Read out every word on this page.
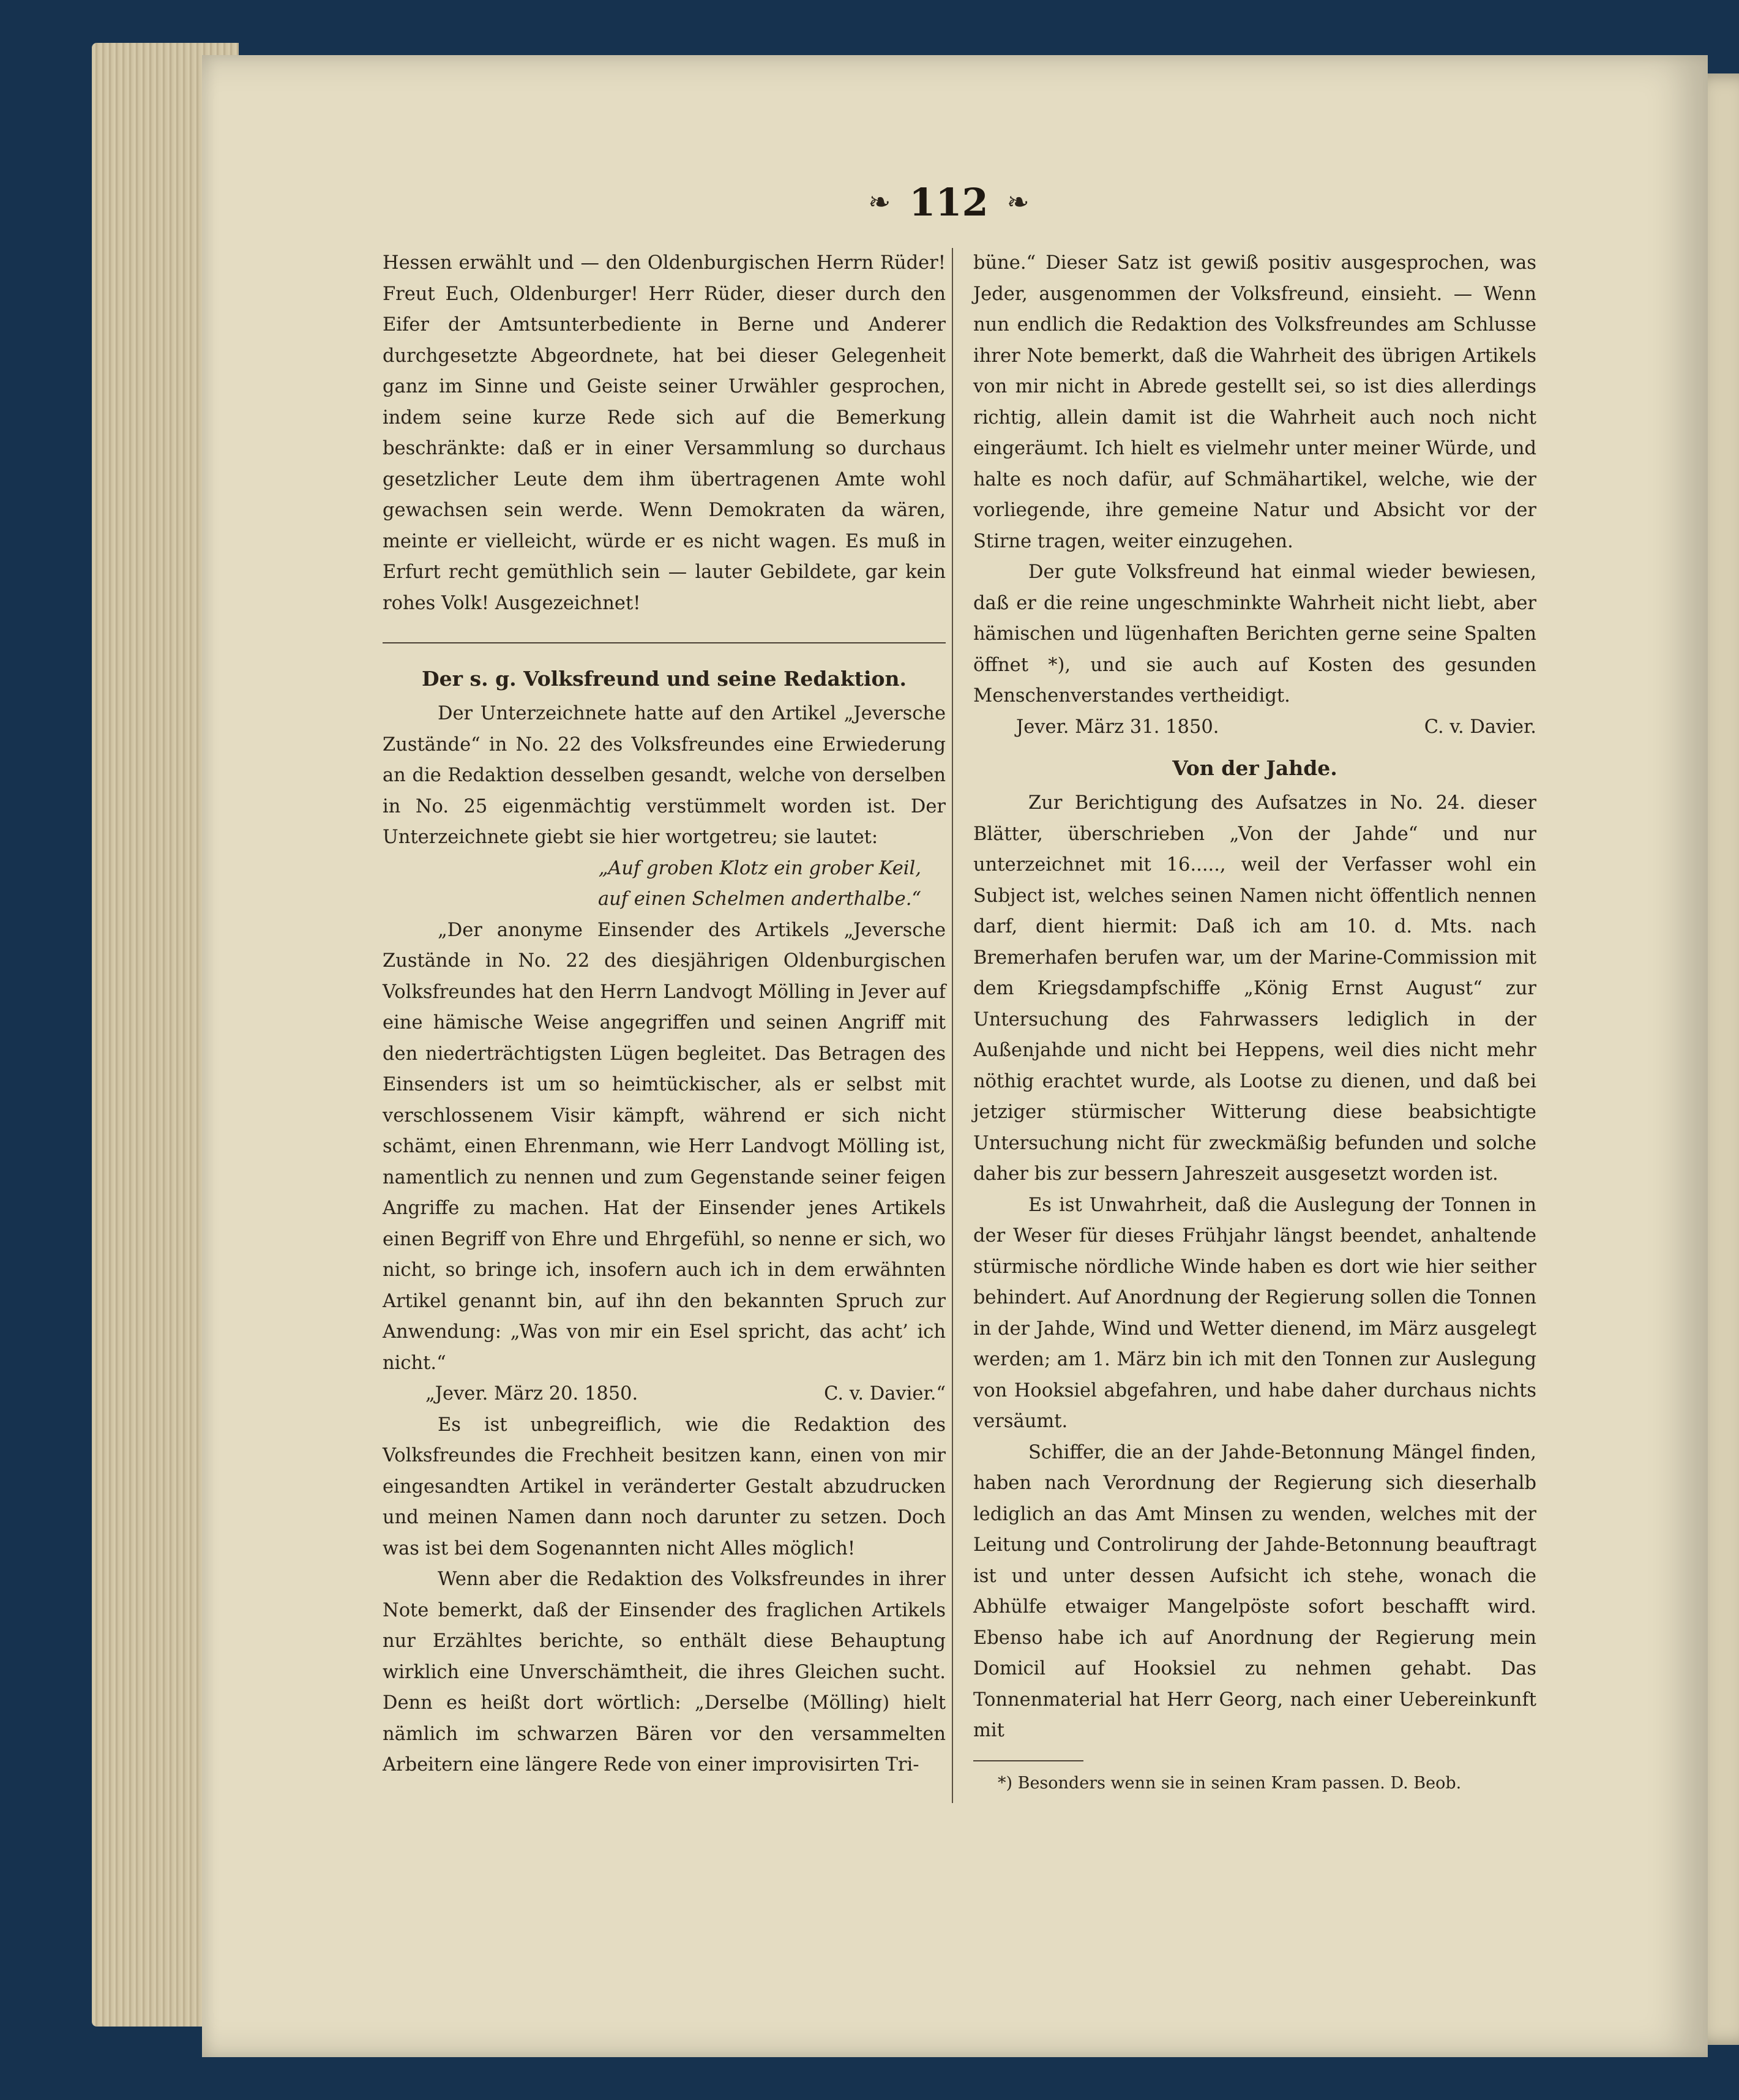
❧ 112 ❧

Hessen erwählt und — den Oldenburgischen Herrn Rüder! Freut Euch, Oldenburger! Herr Rüder, dieser durch den Eifer der Amtsunterbediente in Berne und Anderer durchgesetzte Abgeordnete, hat bei dieser Gelegenheit ganz im Sinne und Geiste seiner Urwähler gesprochen, indem seine kurze Rede sich auf die Bemerkung beschränkte: daß er in einer Versammlung so durchaus gesetzlicher Leute dem ihm übertragenen Amte wohl gewachsen sein werde. Wenn Demokraten da wären, meinte er vielleicht, würde er es nicht wagen. Es muß in Erfurt recht gemüthlich sein — lauter Gebildete, gar kein rohes Volk! Ausgezeichnet!

Der s. g. Volksfreund und seine Redaktion.

Der Unterzeichnete hatte auf den Artikel „Jeversche Zustände“ in No. 22 des Volksfreundes eine Erwiederung an die Redaktion desselben gesandt, welche von derselben in No. 25 eigenmächtig verstümmelt worden ist. Der Unterzeichnete giebt sie hier wortgetreu; sie lautet:

„Auf groben Klotz ein grober Keil,

auf einen Schelmen anderthalbe.“

„Der anonyme Einsender des Artikels „Jeversche Zustände in No. 22 des diesjährigen Oldenburgischen Volksfreundes hat den Herrn Landvogt Mölling in Jever auf eine hämische Weise angegriffen und seinen Angriff mit den niederträchtigsten Lügen begleitet. Das Betragen des Einsenders ist um so heimtückischer, als er selbst mit verschlossenem Visir kämpft, während er sich nicht schämt, einen Ehrenmann, wie Herr Landvogt Mölling ist, namentlich zu nennen und zum Gegenstande seiner feigen Angriffe zu machen. Hat der Einsender jenes Artikels einen Begriff von Ehre und Ehrgefühl, so nenne er sich, wo nicht, so bringe ich, insofern auch ich in dem erwähnten Artikel genannt bin, auf ihn den bekannten Spruch zur Anwendung: „Was von mir ein Esel spricht, das acht’ ich nicht.“

„Jever. März 20. 1850.	C. v. Davier.“

Es ist unbegreiflich, wie die Redaktion des Volksfreundes die Frechheit besitzen kann, einen von mir eingesandten Artikel in veränderter Gestalt abzudrucken und meinen Namen dann noch darunter zu setzen. Doch was ist bei dem Sogenannten nicht Alles möglich!

Wenn aber die Redaktion des Volksfreundes in ihrer Note bemerkt, daß der Einsender des fraglichen Artikels nur Erzähltes berichte, so enthält diese Behauptung wirklich eine Unverschämtheit, die ihres Gleichen sucht. Denn es heißt dort wörtlich: „Derselbe (Mölling) hielt nämlich im schwarzen Bären vor den versammelten Arbeitern eine längere Rede von einer improvisirten Tri-

büne.“ Dieser Satz ist gewiß positiv ausgesprochen, was Jeder, ausgenommen der Volksfreund, einsieht. — Wenn nun endlich die Redaktion des Volksfreundes am Schlusse ihrer Note bemerkt, daß die Wahrheit des übrigen Artikels von mir nicht in Abrede gestellt sei, so ist dies allerdings richtig, allein damit ist die Wahrheit auch noch nicht eingeräumt. Ich hielt es vielmehr unter meiner Würde, und halte es noch dafür, auf Schmähartikel, welche, wie der vorliegende, ihre gemeine Natur und Absicht vor der Stirne tragen, weiter einzugehen.

Der gute Volksfreund hat einmal wieder bewiesen, daß er die reine ungeschminkte Wahrheit nicht liebt, aber hämischen und lügenhaften Berichten gerne seine Spalten öffnet *), und sie auch auf Kosten des gesunden Menschenverstandes vertheidigt.

Jever. März 31. 1850.	C. v. Davier.
Von der Jahde.

Zur Berichtigung des Aufsatzes in No. 24. dieser Blätter, überschrieben „Von der Jahde“ und nur unterzeichnet mit 16....., weil der Verfasser wohl ein Subject ist, welches seinen Namen nicht öffentlich nennen darf, dient hiermit: Daß ich am 10. d. Mts. nach Bremerhafen berufen war, um der Marine-Commission mit dem Kriegsdampfschiffe „König Ernst August“ zur Untersuchung des Fahrwassers lediglich in der Außenjahde und nicht bei Heppens, weil dies nicht mehr nöthig erachtet wurde, als Lootse zu dienen, und daß bei jetziger stürmischer Witterung diese beabsichtigte Untersuchung nicht für zweckmäßig befunden und solche daher bis zur bessern Jahreszeit ausgesetzt worden ist.

Es ist Unwahrheit, daß die Auslegung der Tonnen in der Weser für dieses Frühjahr längst beendet, anhaltende stürmische nördliche Winde haben es dort wie hier seither behindert. Auf Anordnung der Regierung sollen die Tonnen in der Jahde, Wind und Wetter dienend, im März ausgelegt werden; am 1. März bin ich mit den Tonnen zur Auslegung von Hooksiel abgefahren, und habe daher durchaus nichts versäumt.

Schiffer, die an der Jahde-Betonnung Mängel finden, haben nach Verordnung der Regierung sich dieserhalb lediglich an das Amt Minsen zu wenden, welches mit der Leitung und Controlirung der Jahde-Betonnung beauftragt ist und unter dessen Aufsicht ich stehe, wonach die Abhülfe etwaiger Mangelpöste sofort beschafft wird. Ebenso habe ich auf Anordnung der Regierung mein Domicil auf Hooksiel zu nehmen gehabt. Das Tonnenmaterial hat Herr Georg, nach einer Uebereinkunft mit

*) Besonders wenn sie in seinen Kram passen. D. Beob.
